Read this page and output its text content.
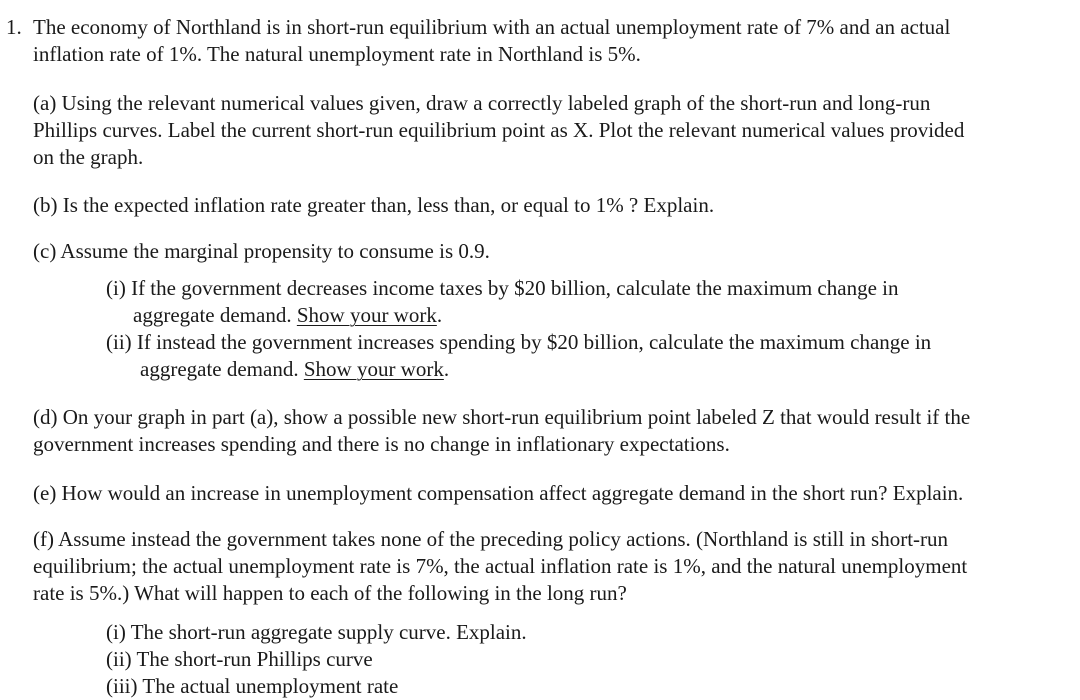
1. The economy of Northland is in short-run equilibrium with an actual unemployment rate of 7% and an actual
inflation rate of 1%. The natural unemployment rate in Northland is 5%.
(a) Using the relevant numerical values given, draw a correctly labeled graph of the short-run and long-run
Phillips curves. Label the current short-run equilibrium point as X. Plot the relevant numerical values provided
on the graph.
(b) Is the expected inflation rate greater than, less than, or equal to 1% ? Explain.
(c) Assume the marginal propensity to consume is 0.9.
(i) If the government decreases income taxes by $20 billion, calculate the maximum change in
aggregate demand. Show your work.
(ii) If instead the government increases spending by $20 billion, calculate the maximum change in
aggregate demand. Show your work.
(d) On your graph in part (a), show a possible new short-run equilibrium point labeled Z that would result if the
government increases spending and there is no change in inflationary expectations.
(e) How would an increase in unemployment compensation affect aggregate demand in the short run? Explain.
(f) Assume instead the government takes none of the preceding policy actions. (Northland is still in short-run
equilibrium; the actual unemployment rate is 7%, the actual inflation rate is 1%, and the natural unemployment
rate is 5%.) What will happen to each of the following in the long run?
(i) The short-run aggregate supply curve. Explain.
(ii) The short-run Phillips curve
(iii) The actual unemployment rate
